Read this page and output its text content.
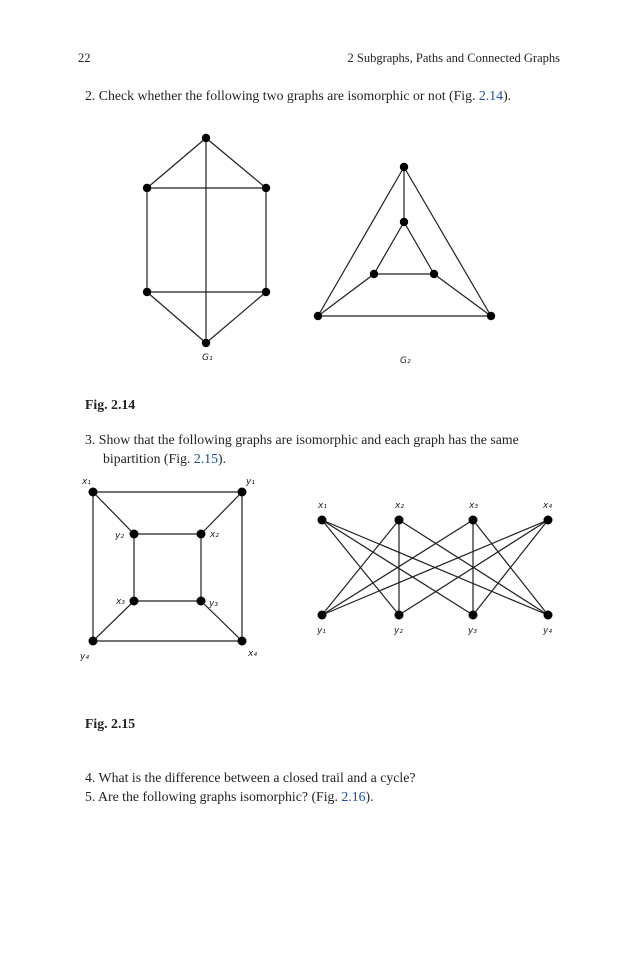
22	2 Subgraphs, Paths and Connected Graphs
2. Check whether the following two graphs are isomorphic or not (Fig. 2.14).
G₁	G₂
Fig. 2.14
3. Show that the following graphs are isomorphic and each graph has the same bipartition (Fig. 2.15).
x₁	y₁
y₄	x₄
y₂	x₂
x₃	y₃
x₁	x₂	x₃	x₄
y₁	y₂	y₃	y₄
Fig. 2.15
4. What is the difference between a closed trail and a cycle?
5. Are the following graphs isomorphic? (Fig. 2.16).
